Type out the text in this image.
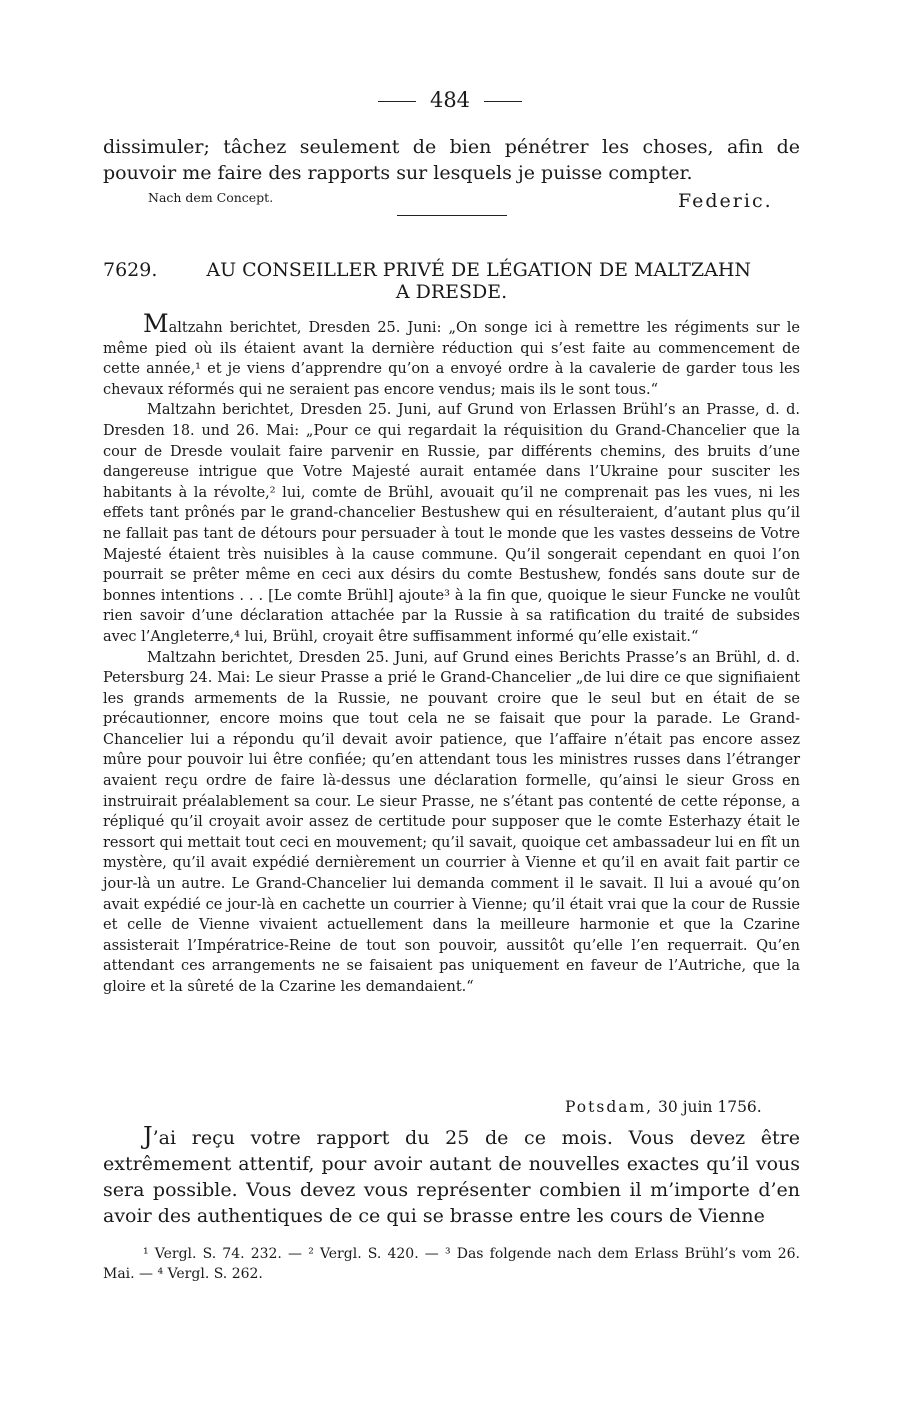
484
dissimuler; tâchez seulement de bien pénétrer les choses, afin de pouvoir me faire des rapports sur lesquels je puisse compter.
Nach dem Concept.	Federic.
7629.	AU CONSEILLER PRIVÉ DE LÉGATION DE MALTZAHN
A DRESDE.

Maltzahn berichtet, Dresden 25. Juni: „On songe ici à remettre les régiments sur le même pied où ils étaient avant la dernière réduction qui s’est faite au commencement de cette année,¹ et je viens d’apprendre qu’on a envoyé ordre à la cavalerie de garder tous les chevaux réformés qui ne seraient pas encore vendus; mais ils le sont tous.“

Maltzahn berichtet, Dresden 25. Juni, auf Grund von Erlassen Brühl’s an Prasse, d. d. Dresden 18. und 26. Mai: „Pour ce qui regardait la réquisition du Grand-Chancelier que la cour de Dresde voulait faire parvenir en Russie, par différents chemins, des bruits d’une dangereuse intrigue que Votre Majesté aurait entamée dans l’Ukraine pour susciter les habitants à la révolte,² lui, comte de Brühl, avouait qu’il ne comprenait pas les vues, ni les effets tant prônés par le grand-chancelier Bestushew qui en résulteraient, d’autant plus qu’il ne fallait pas tant de détours pour persuader à tout le monde que les vastes desseins de Votre Majesté étaient très nuisibles à la cause commune. Qu’il songerait cependant en quoi l’on pourrait se prêter même en ceci aux désirs du comte Bestushew, fondés sans doute sur de bonnes intentions . . . [Le comte Brühl] ajoute³ à la fin que, quoique le sieur Funcke ne voulût rien savoir d’une déclaration attachée par la Russie à sa ratification du traité de subsides avec l’Angleterre,⁴ lui, Brühl, croyait être suffisamment informé qu’elle existait.“

Maltzahn berichtet, Dresden 25. Juni, auf Grund eines Berichts Prasse’s an Brühl, d. d. Petersburg 24. Mai: Le sieur Prasse a prié le Grand-Chancelier „de lui dire ce que signifiaient les grands armements de la Russie, ne pouvant croire que le seul but en était de se précautionner, encore moins que tout cela ne se faisait que pour la parade. Le Grand-Chancelier lui a répondu qu’il devait avoir patience, que l’affaire n’était pas encore assez mûre pour pouvoir lui être confiée; qu’en attendant tous les ministres russes dans l’étranger avaient reçu ordre de faire là-dessus une déclaration formelle, qu’ainsi le sieur Gross en instruirait préalablement sa cour. Le sieur Prasse, ne s’étant pas contenté de cette réponse, a répliqué qu’il croyait avoir assez de certitude pour supposer que le comte Esterhazy était le ressort qui mettait tout ceci en mouvement; qu’il savait, quoique cet ambassadeur lui en fît un mystère, qu’il avait expédié dernièrement un courrier à Vienne et qu’il en avait fait partir ce jour-là un autre. Le Grand-Chancelier lui demanda comment il le savait. Il lui a avoué qu’on avait expédié ce jour-là en cachette un courrier à Vienne; qu’il était vrai que la cour de Russie et celle de Vienne vivaient actuellement dans la meilleure harmonie et que la Czarine assisterait l’Impératrice-Reine de tout son pouvoir, aussitôt qu’elle l’en requerrait. Qu’en attendant ces arrangements ne se faisaient pas uniquement en faveur de l’Autriche, que la gloire et la sûreté de la Czarine les demandaient.“

Potsdam, 30 juin 1756.

J’ai reçu votre rapport du 25 de ce mois. Vous devez être extrêmement attentif, pour avoir autant de nouvelles exactes qu’il vous sera possible. Vous devez vous représenter combien il m’importe d’en avoir des authentiques de ce qui se brasse entre les cours de Vienne

¹ Vergl. S. 74. 232. — ² Vergl. S. 420. — ³ Das folgende nach dem Erlass Brühl’s vom 26. Mai. — ⁴ Vergl. S. 262.
